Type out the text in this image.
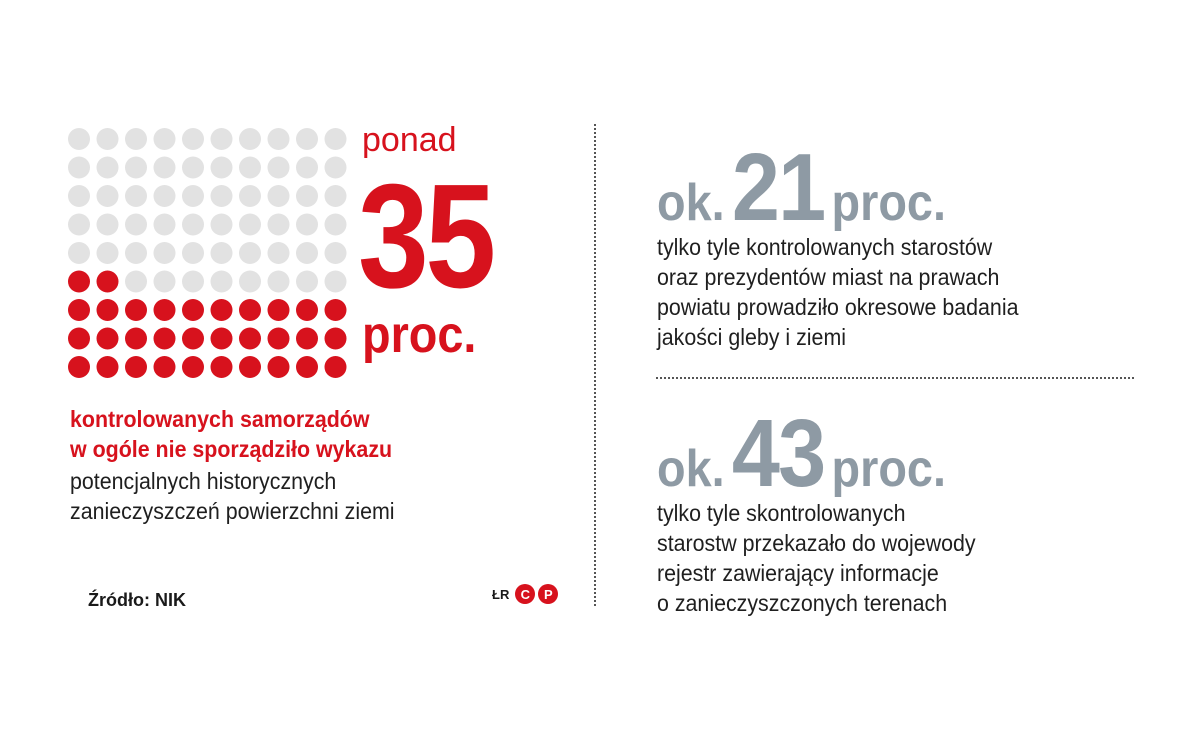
ponad
35
proc.
kontrolowanych samorządów
w ogóle nie sporządziło wykazu
potencjalnych historycznych
zanieczyszczeń powierzchni ziemi
Źródło: NIK	ŁR C	P
ok. 21 proc.
tylko tyle kontrolowanych starostów
oraz prezydentów miast na prawach
powiatu prowadziło okresowe badania
jakości gleby i ziemi
ok. 43 proc.
tylko tyle skontrolowanych
starostw przekazało do wojewody
rejestr zawierający informacje
o zanieczyszczonych terenach
